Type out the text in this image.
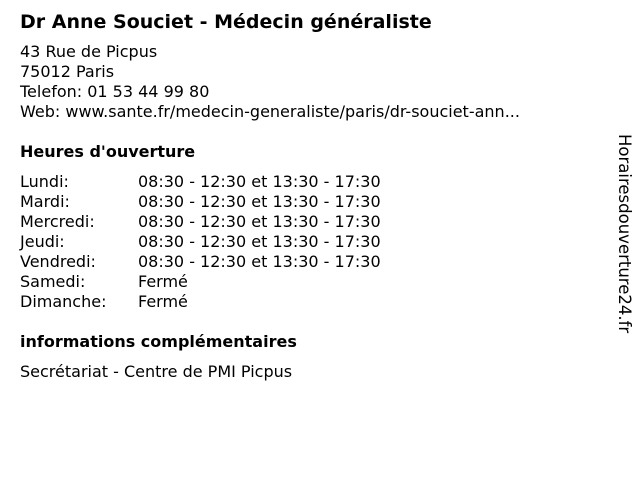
Dr Anne Souciet - Médecin généraliste
43 Rue de Picpus
75012 Paris
Telefon: 01 53 44 99 80
Web: www.sante.fr/medecin-generaliste/paris/dr-souciet-ann...
Heures d'ouverture
Lundi:	08:30 - 12:30 et 13:30 - 17:30
Mardi:	08:30 - 12:30 et 13:30 - 17:30
Mercredi:	08:30 - 12:30 et 13:30 - 17:30
Jeudi:	08:30 - 12:30 et 13:30 - 17:30
Vendredi:	08:30 - 12:30 et 13:30 - 17:30
Samedi:	Fermé
Dimanche:	Fermé
informations complémentaires
Secrétariat - Centre de PMI Picpus
Horairesdouverture24.fr
